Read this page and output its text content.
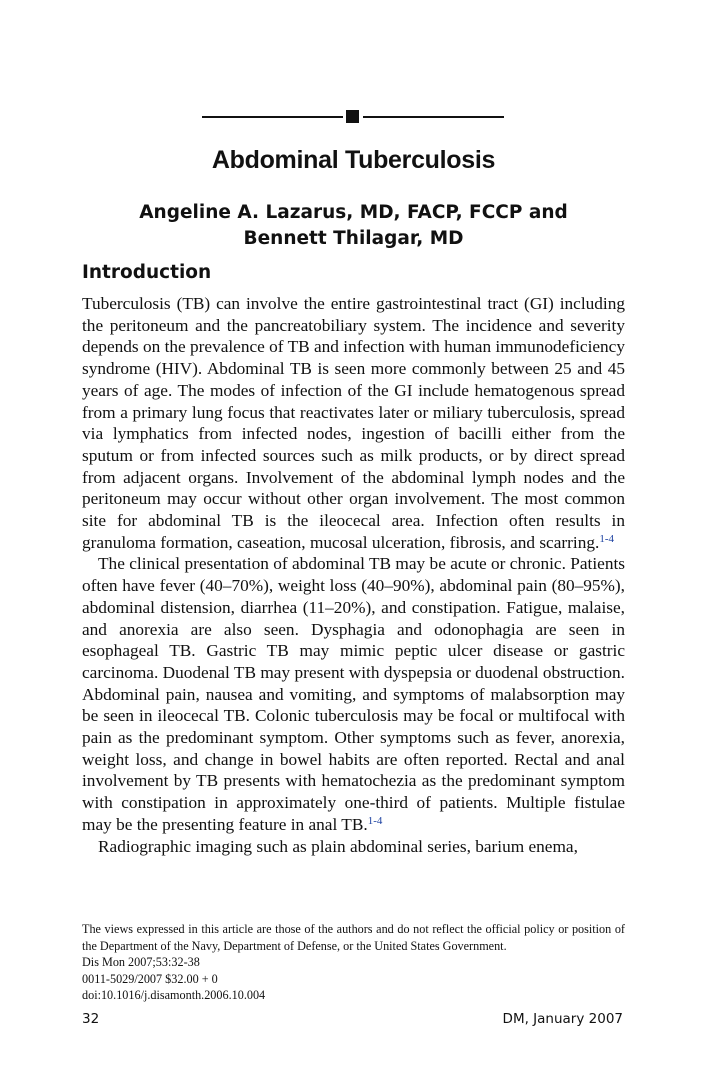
Abdominal Tuberculosis
Angeline A. Lazarus, MD, FACP, FCCP and
Bennett Thilagar, MD
Introduction

Tuberculosis (TB) can involve the entire gastrointestinal tract (GI) including the peritoneum and the pancreatobiliary system. The incidence and severity depends on the prevalence of TB and infection with human immunodeficiency syndrome (HIV). Abdominal TB is seen more commonly between 25 and 45 years of age. The modes of infection of the GI include hematogenous spread from a primary lung focus that reactivates later or miliary tuberculosis, spread via lymphatics from infected nodes, ingestion of bacilli either from the sputum or from infected sources such as milk products, or by direct spread from adjacent organs. Involvement of the abdominal lymph nodes and the peritoneum may occur without other organ involvement. The most common site for abdominal TB is the ileocecal area. Infection often results in granuloma formation, caseation, mucosal ulceration, fibrosis, and scarring.$^{1-4}$

The clinical presentation of abdominal TB may be acute or chronic. Patients often have fever (40–70%), weight loss (40–90%), abdominal pain (80–95%), abdominal distension, diarrhea (11–20%), and constipation. Fatigue, malaise, and anorexia are also seen. Dysphagia and odonophagia are seen in esophageal TB. Gastric TB may mimic peptic ulcer disease or gastric carcinoma. Duodenal TB may present with dyspepsia or duodenal obstruction. Abdominal pain, nausea and vomiting, and symptoms of malabsorption may be seen in ileocecal TB. Colonic tuberculosis may be focal or multifocal with pain as the predominant symptom. Other symptoms such as fever, anorexia, weight loss, and change in bowel habits are often reported. Rectal and anal involvement by TB presents with hematochezia as the predominant symptom with constipation in approximately one-third of patients. Multiple fistulae may be the presenting feature in anal TB.$^{1-4}$

Radiographic imaging such as plain abdominal series, barium enema,

The views expressed in this article are those of the authors and do not reflect the official policy or position of the Department of the Navy, Department of Defense, or the United States Government.
Dis Mon 2007;53:32-38
0011-5029/2007 $32.00 + 0
doi:10.1016/j.disamonth.2006.10.004
32	DM, January 2007
